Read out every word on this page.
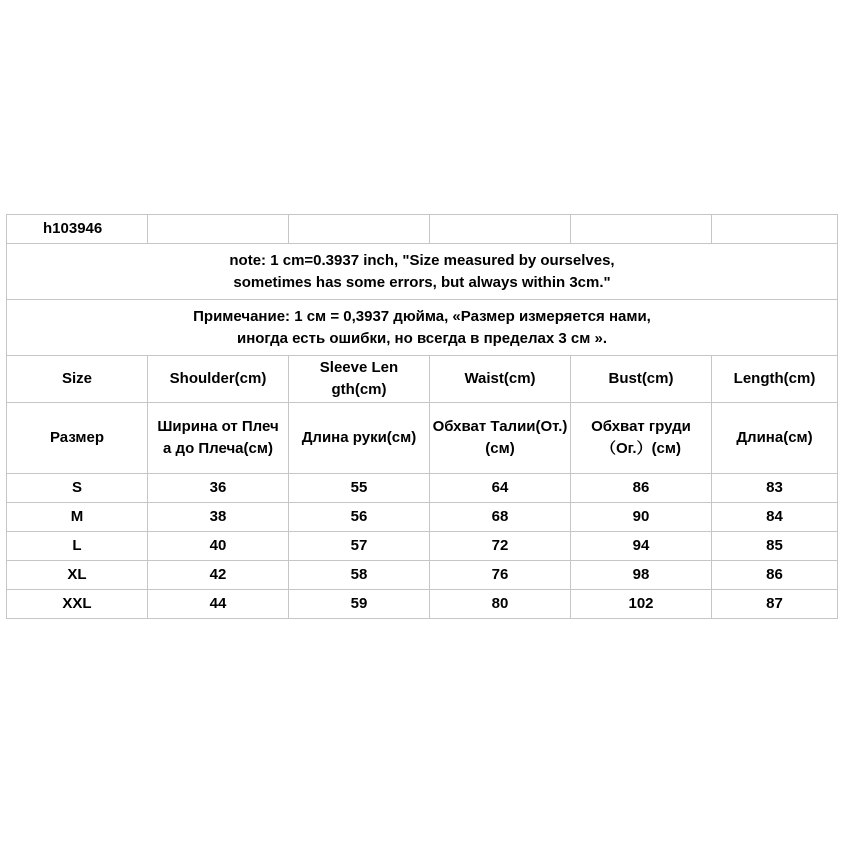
h103946					

note: 1 cm=0.3937 inch, "Size measured by ourselves,
sometimes has some errors, but always within 3cm."					

Примечание: 1 см = 0,3937 дюйма, «Размер измеряется нами,
иногда есть ошибки, но всегда в пределах 3 см ».					

Size	Shoulder(cm)	Sleeve Length(cm)	Waist(cm)	Bust(cm)	Length(cm)
Размер	Ширина от Плеча до Плеча(см)	Длина руки(см)	Обхват Талии(От.)(см)	Обхват груди（Ог.）(см)	Длина(см)
S	36	55	64	86	83
M	38	56	68	90	84
L	40	57	72	94	85
XL	42	58	76	98	86
XXL	44	59	80	102	87
